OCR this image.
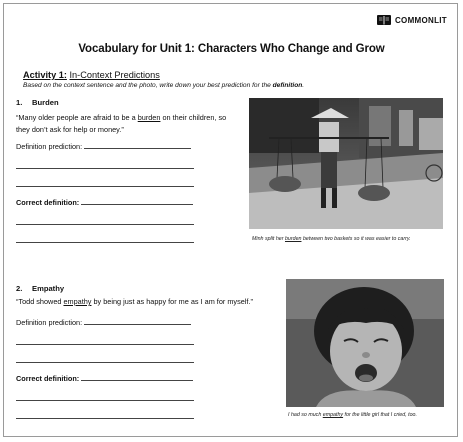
COMMONLIT
Vocabulary for Unit 1: Characters Who Change and Grow
Activity 1: In-Context Predictions
Based on the context sentence and the photo, write down your best prediction for the definition.
1. Burden
“Many older people are afraid to be a burden on their children, so they don’t ask for help or money.”
Definition prediction:
Correct definition:
Minh split her burden between two baskets so it was easier to carry.
2. Empathy
“Todd showed empathy by being just as happy for me as I am for myself.”
Definition prediction:
Correct definition:
I had so much empathy for the little girl that I cried, too.
